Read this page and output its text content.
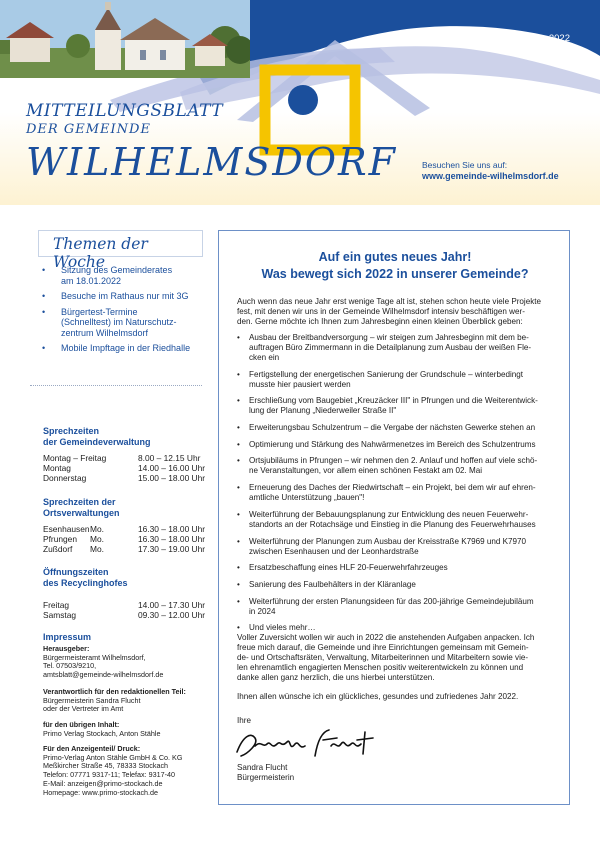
Donnerstag, 13. Januar 2022
Nummer 01/02
MITTEILUNGSBLATT
DER GEMEINDE
WILHELMSDORF	Besuchen Sie uns auf:
www.gemeinde-wilhelmsdorf.de
Themen der Woche
• Sitzung des Gemeinderates
am 18.01.2022
• Besuche im Rathaus nur mit 3G
• Bürgertest-Termine
(Schnelltest) im Naturschutz-
zentrum Wilhelmsdorf
• Mobile Impftage in der Riedhalle
Sprechzeiten
der Gemeindeverwaltung
Montag – Freitag	8.00 – 12.15 Uhr
Montag	14.00 – 16.00 Uhr
Donnerstag	15.00 – 18.00 Uhr
Sprechzeiten der
Ortsverwaltungen
Esenhausen Mo.	16.30 – 18.00 Uhr
Pfrungen	Mo.	16.30 – 18.00 Uhr
Zußdorf	Mo.	17.30 – 19.00 Uhr
Öffnungszeiten
des Recyclinghofes
Freitag	14.00 – 17.30 Uhr
Samstag	09.30 – 12.00 Uhr
Impressum
Herausgeber:
Bürgermeisteramt Wilhelmsdorf,
Tel. 07503/9210,
amtsblatt@gemeinde-wilhelmsdorf.de
Verantwortlich für den redaktionellen Teil:
Bürgermeisterin Sandra Flucht
oder der Vertreter im Amt
für den übrigen Inhalt:
Primo Verlag Stockach, Anton Stähle
Für den Anzeigenteil/ Druck:
Primo-Verlag Anton Stähle GmbH & Co. KG
Meßkircher Straße 45, 78333 Stockach
Telefon: 07771 9317-11; Telefax: 9317-40
E-Mail: anzeigen@primo-stockach.de
Homepage: www.primo-stockach.de
Auf ein gutes neues Jahr!
Was bewegt sich 2022 in unserer Gemeinde?
Auch wenn das neue Jahr erst wenige Tage alt ist, stehen schon heute viele Projekte
fest, mit denen wir uns in der Gemeinde Wilhelmsdorf intensiv beschäftigen wer-
den. Gerne möchte ich Ihnen zum Jahresbeginn einen kleinen Überblick geben:
• Ausbau der Breitbandversorgung – wir steigen zum Jahresbeginn mit dem be-
auftragen Büro Zimmermann in die Detailplanung zum Ausbau der weißen Fle-
cken ein
• Fertigstellung der energetischen Sanierung der Grundschule – winterbedingt
musste hier pausiert werden
• Erschließung vom Baugebiet „Kreuzäcker III" in Pfrungen und die Weiterentwick-
lung der Planung „Niederweiler Straße II"
• Erweiterungsbau Schulzentrum – die Vergabe der nächsten Gewerke stehen an
• Optimierung und Stärkung des Nahwärmenetzes im Bereich des Schulzentrums
• Ortsjubiläums in Pfrungen – wir nehmen den 2. Anlauf und hoffen auf viele schö-
ne Veranstaltungen, vor allem einen schönen Festakt am 02. Mai
• Erneuerung des Daches der Riedwirtschaft – ein Projekt, bei dem wir auf ehren-
amtliche Unterstützung „bauen"!
• Weiterführung der Bebauungsplanung zur Entwicklung des neuen Feuerwehr-
standorts an der Rotachsäge und Einstieg in die Planung des Feuerwehrhauses
• Weiterführung der Planungen zum Ausbau der Kreisstraße K7969 und K7970
zwischen Esenhausen und der Leonhardstraße
• Ersatzbeschaffung eines HLF 20-Feuerwehrfahrzeuges
• Sanierung des Faulbehälters in der Kläranlage
• Weiterführung der ersten Planungsideen für das 200-jährige Gemeindejubiläum
in 2024
• Und vieles mehr…
Voller Zuversicht wollen wir auch in 2022 die anstehenden Aufgaben anpacken. Ich
freue mich darauf, die Gemeinde und ihre Einrichtungen gemeinsam mit Gemein-
de- und Ortschaftsräten, Verwaltung, Mitarbeiterinnen und Mitarbeitern sowie vie-
len ehrenamtlich engagierten Menschen positiv weiterentwickeln zu können und
danke allen ganz herzlich, die uns hierbei unterstützen.
Ihnen allen wünsche ich ein glückliches, gesundes und zufriedenes Jahr 2022.
Ihre
Sandra Flucht
Bürgermeisterin
